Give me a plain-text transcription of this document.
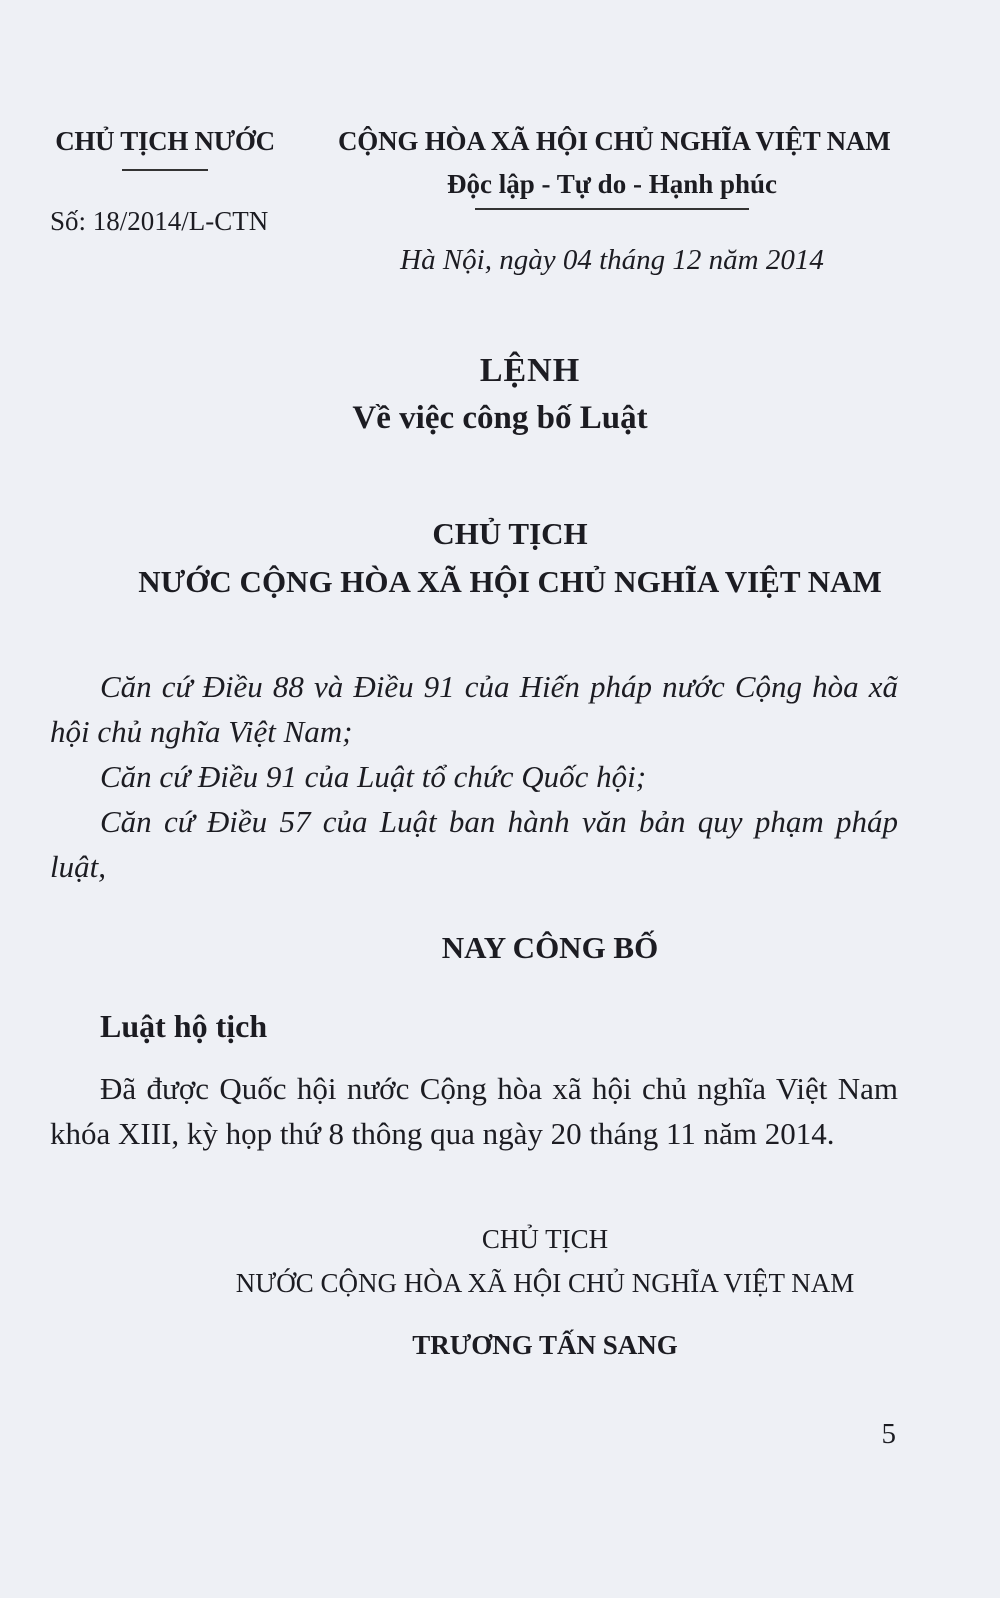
CHỦ TỊCH NƯỚC
Số: 18/2014/L-CTN
CỘNG HÒA XÃ HỘI CHỦ NGHĨA VIỆT NAM
Độc lập - Tự do - Hạnh phúc
Hà Nội, ngày 04 tháng 12 năm 2014
LỆNH
Về việc công bố Luật
CHỦ TỊCH
NƯỚC CỘNG HÒA XÃ HỘI CHỦ NGHĨA VIỆT NAM

Căn cứ Điều 88 và Điều 91 của Hiến pháp nước Cộng hòa xã hội chủ nghĩa Việt Nam;

Căn cứ Điều 91 của Luật tổ chức Quốc hội;

Căn cứ Điều 57 của Luật ban hành văn bản quy phạm pháp luật,

NAY CÔNG BỐ
Luật hộ tịch
Đã được Quốc hội nước Cộng hòa xã hội chủ nghĩa Việt Nam khóa XIII, kỳ họp thứ 8 thông qua ngày 20 tháng 11 năm 2014.
CHỦ TỊCH
NƯỚC CỘNG HÒA XÃ HỘI CHỦ NGHĨA VIỆT NAM
TRƯƠNG TẤN SANG
5
